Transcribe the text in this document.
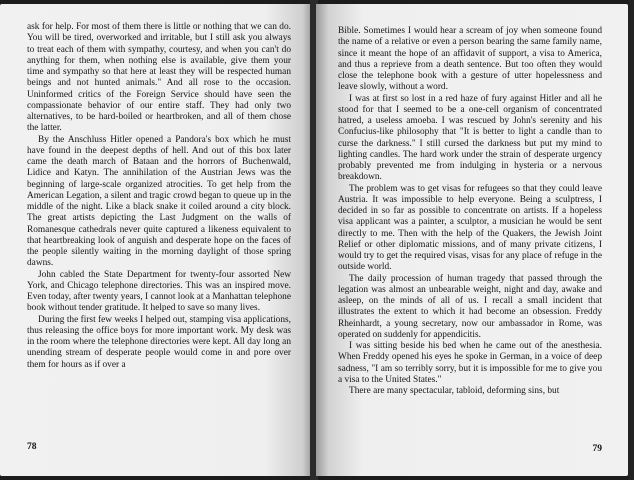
ask for help. For most of them there is little or nothing that we can do. You will be tired, overworked and irritable, but I still ask you always to treat each of them with sympathy, courtesy, and when you can't do anything for them, when nothing else is available, give them your time and sympathy so that here at least they will be respected human beings and not hunted animals." And all rose to the occasion. Uninformed critics of the Foreign Service should have seen the compassionate behavior of our entire staff. They had only two alternatives, to be hard-boiled or heartbroken, and all of them chose the latter.

By the Anschluss Hitler opened a Pandora's box which he must have found in the deepest depths of hell. And out of this box later came the death march of Bataan and the horrors of Buchenwald, Lidice and Katyn. The annihilation of the Austrian Jews was the beginning of large-scale organized atrocities. To get help from the American Legation, a silent and tragic crowd began to queue up in the middle of the night. Like a black snake it coiled around a city block. The great artists depicting the Last Judgment on the walls of Romanesque cathedrals never quite captured a likeness equivalent to that heartbreaking look of anguish and desperate hope on the faces of the people silently waiting in the morning daylight of those spring dawns.

John cabled the State Department for twenty-four assorted New York, and Chicago telephone directories. This was an inspired move. Even today, after twenty years, I cannot look at a Manhattan telephone book without tender gratitude. It helped to save so many lives.

During the first few weeks I helped out, stamping visa applications, thus releasing the office boys for more important work. My desk was in the room where the telephone directories were kept. All day long an unending stream of desperate people would come in and pore over them for hours as if over a

78

Bible. Sometimes I would hear a scream of joy when someone found the name of a relative or even a person bearing the same family name, since it meant the hope of an affidavit of support, a visa to America, and thus a reprieve from a death sentence. But too often they would close the telephone book with a gesture of utter hopelessness and leave slowly, without a word.

I was at first so lost in a red haze of fury against Hitler and all he stood for that I seemed to be a one-cell organism of concentrated hatred, a useless amoeba. I was rescued by John's serenity and his Confucius-like philosophy that "It is better to light a candle than to curse the darkness." I still cursed the darkness but put my mind to lighting candles. The hard work under the strain of desperate urgency probably prevented me from indulging in hysteria or a nervous breakdown.

The problem was to get visas for refugees so that they could leave Austria. It was impossible to help everyone. Being a sculptress, I decided in so far as possible to concentrate on artists. If a hopeless visa applicant was a painter, a sculptor, a musician he would be sent directly to me. Then with the help of the Quakers, the Jewish Joint Relief or other diplomatic missions, and of many private citizens, I would try to get the required visas, visas for any place of refuge in the outside world.

The daily procession of human tragedy that passed through the legation was almost an unbearable weight, night and day, awake and asleep, on the minds of all of us. I recall a small incident that illustrates the extent to which it had become an obsession. Freddy Rheinhardt, a young secretary, now our ambassador in Rome, was operated on suddenly for appendicitis.

I was sitting beside his bed when he came out of the anesthesia. When Freddy opened his eyes he spoke in German, in a voice of deep sadness, "I am so terribly sorry, but it is impossible for me to give you a visa to the United States."

There are many spectacular, tabloid, deforming sins, but

79
